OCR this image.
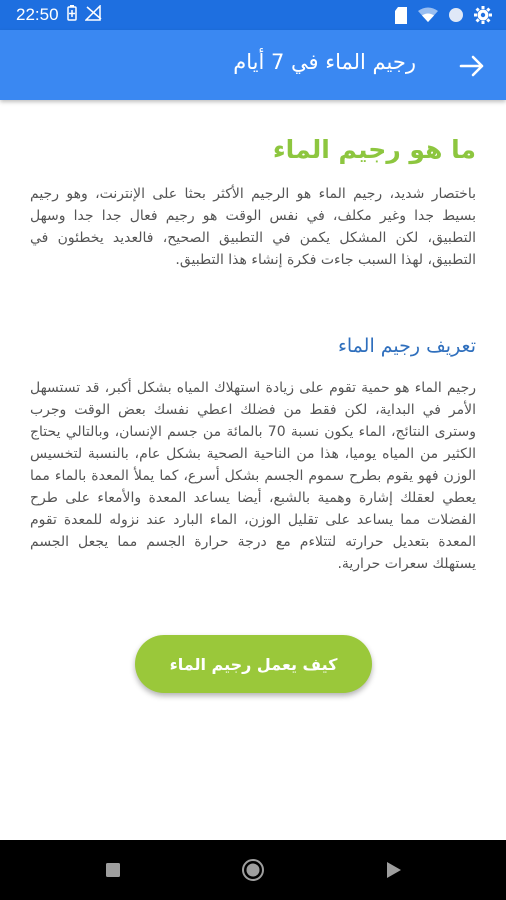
22:50
رجيم الماء في 7 أيام
ما هو رجيم الماء

باختصار شديد، رجيم الماء هو الرجيم الأكثر بحثا على الإنترنت، وهو رجيم بسيط جدا وغير مكلف، في نفس الوقت هو رجيم فعال جدا جدا وسهل التطبيق، لكن المشكل يكمن في التطبيق الصحيح، فالعديد يخطئون في التطبيق، لهذا السبب جاءت فكرة إنشاء هذا التطبيق.

تعريف رجيم الماء

رجيم الماء هو حمية تقوم على زيادة استهلاك المياه بشكل أكبر، قد تستسهل الأمر في البداية، لكن فقط من فضلك اعطي نفسك بعض الوقت وجرب وسترى النتائج، الماء يكون نسبة 70 بالمائة من جسم الإنسان، وبالتالي يحتاج الكثير من المياه يوميا، هذا من الناحية الصحية بشكل عام، بالنسبة لتخسيس الوزن فهو يقوم بطرح سموم الجسم بشكل أسرع، كما يملأ المعدة بالماء مما يعطي لعقلك إشارة وهمية بالشبع، أيضا يساعد المعدة والأمعاء على طرح الفضلات مما يساعد على تقليل الوزن، الماء البارد عند نزوله للمعدة تقوم المعدة بتعديل حرارته لتتلاءم مع درجة حرارة الجسم مما يجعل الجسم يستهلك سعرات حرارية.

كيف يعمل رجيم الماء
